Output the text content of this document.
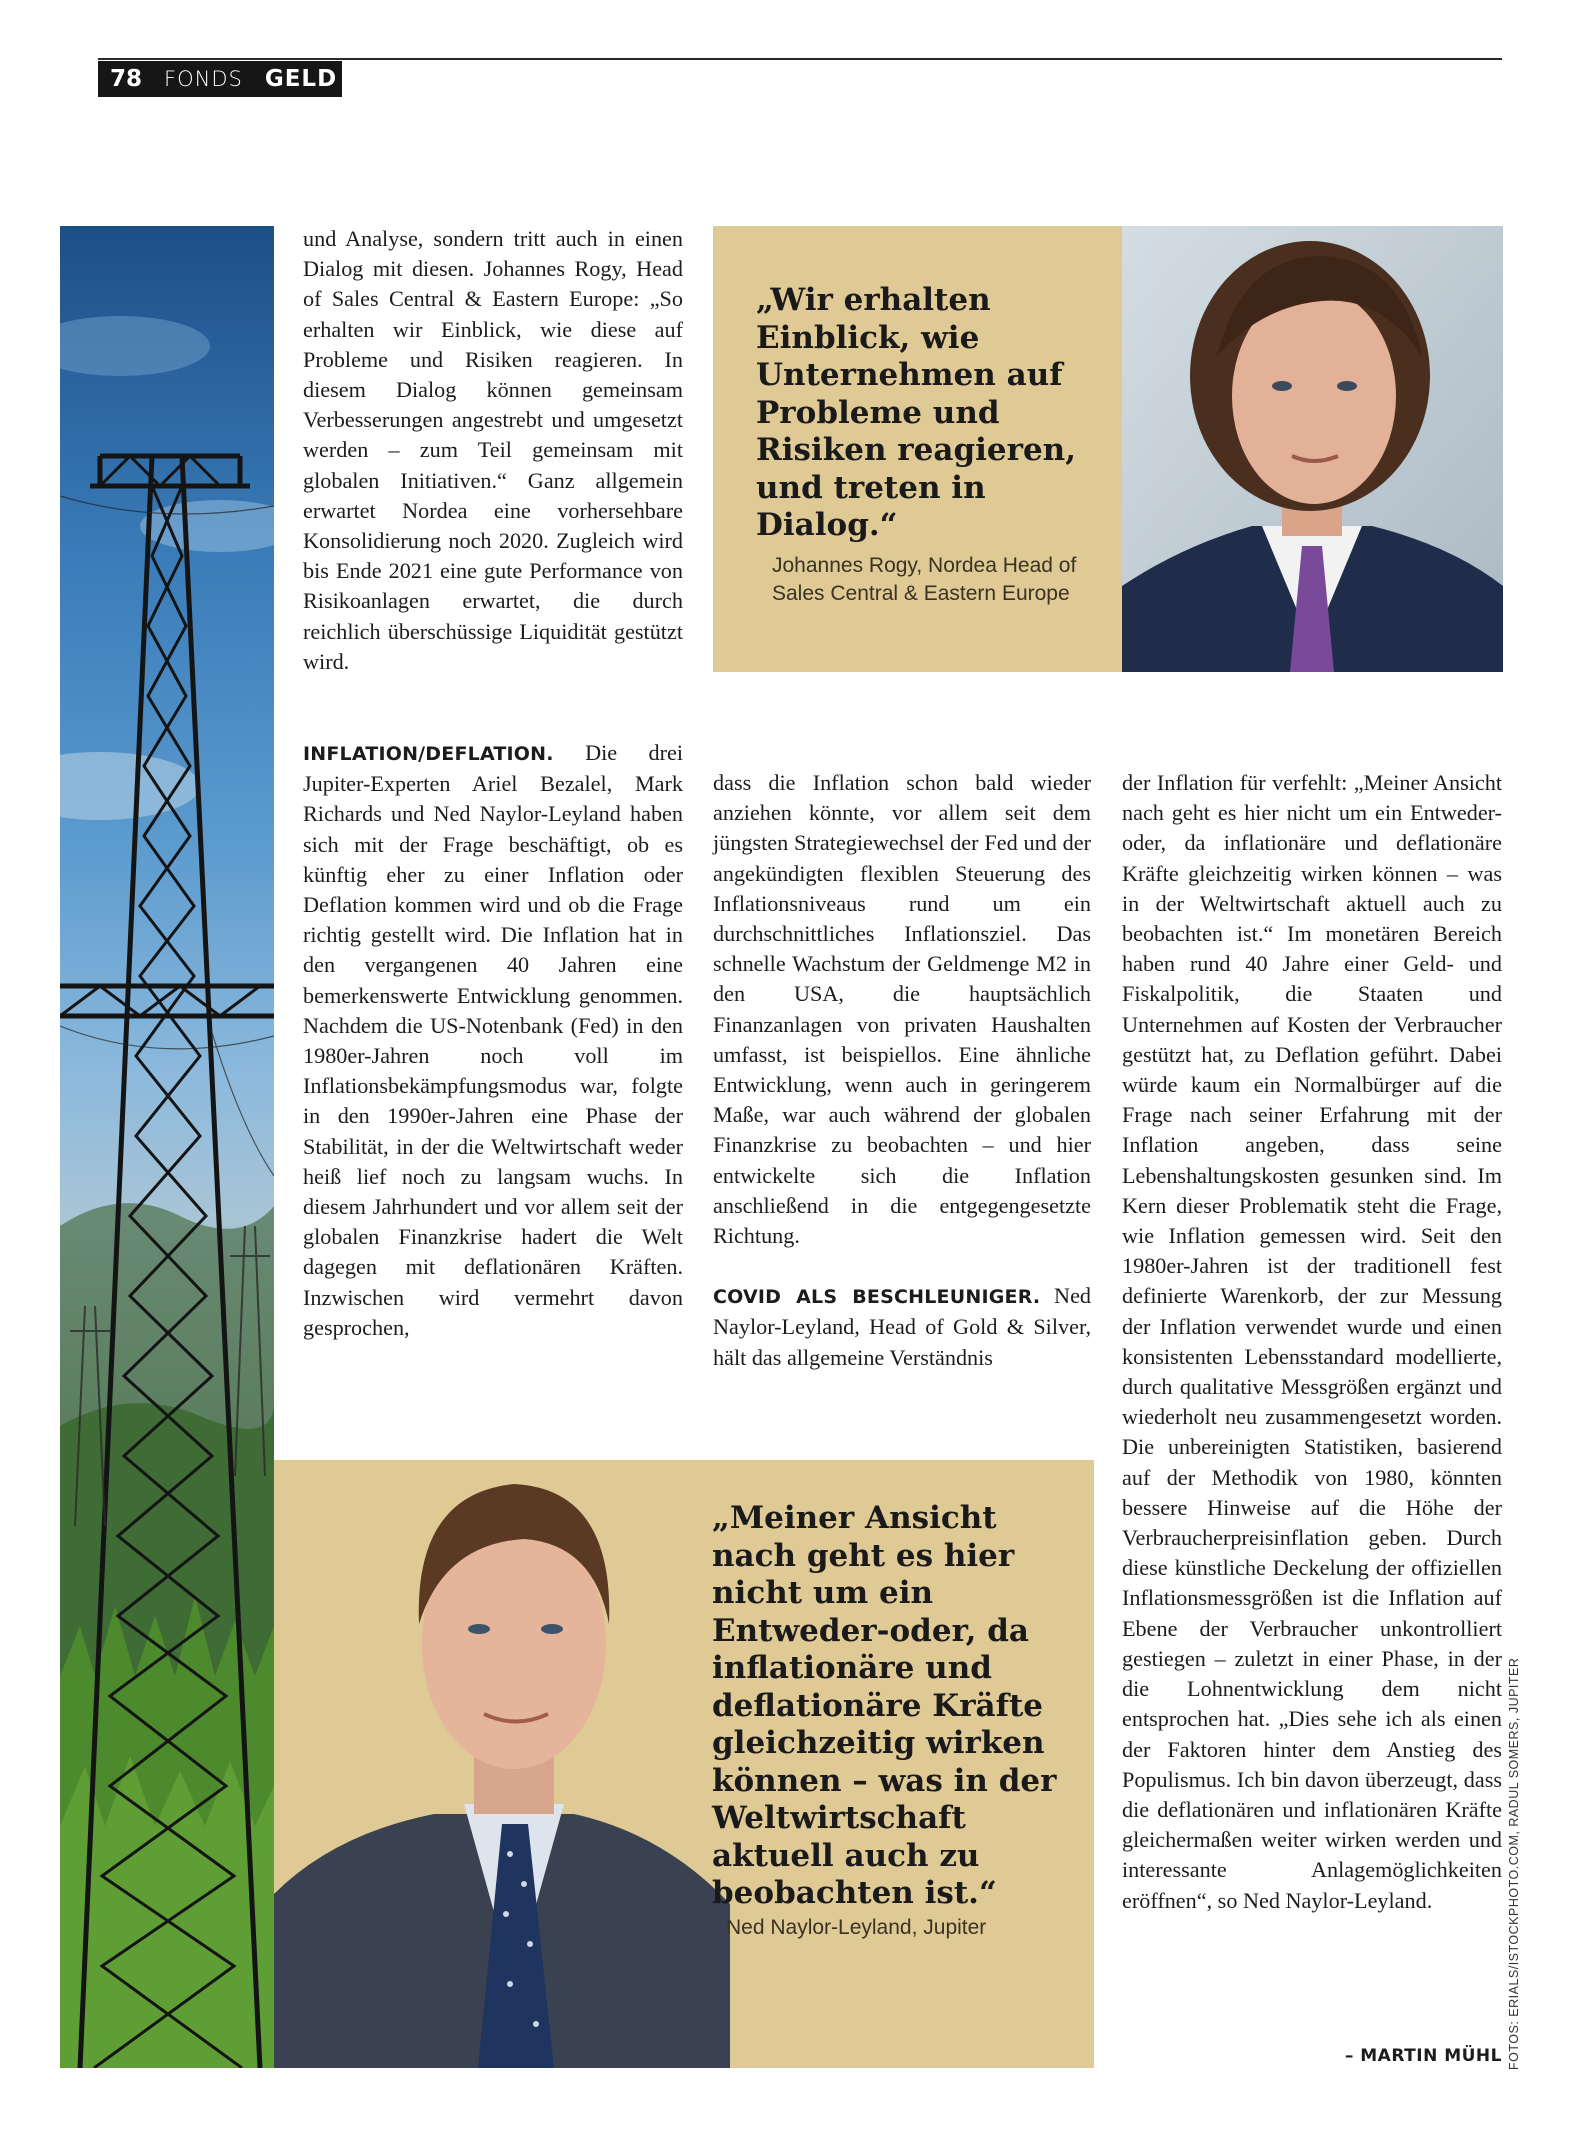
78 FONDS GELD

und Analyse, sondern tritt auch in einen Dialog mit diesen. Johannes Rogy, Head of Sales Central & Eastern Europe: „So erhalten wir Einblick, wie diese auf Probleme und Risiken reagieren. In diesem Dialog können gemeinsam Verbesserungen angestrebt und umgesetzt werden – zum Teil gemeinsam mit globalen Initiativen.“ Ganz allgemein erwartet Nordea eine vorhersehbare Konsolidierung noch 2020. Zugleich wird bis Ende 2021 eine gute Performance von Risikoanlagen erwartet, die durch reichlich überschüssige Liquidität gestützt wird.

INFLATION/DEFLATION. Die drei Jupiter-Experten Ariel Bezalel, Mark Richards und Ned Naylor-Leyland haben sich mit der Frage beschäftigt, ob es künftig eher zu einer Inflation oder Deflation kommen wird und ob die Frage richtig gestellt wird. Die Inflation hat in den vergangenen 40 Jahren eine bemerkenswerte Entwicklung genommen. Nachdem die US-Notenbank (Fed) in den 1980er-Jahren noch voll im Inflationsbekämpfungsmodus war, folgte in den 1990er-Jahren eine Phase der Stabilität, in der die Weltwirtschaft weder heiß lief noch zu langsam wuchs. In diesem Jahrhundert und vor allem seit der globalen Finanzkrise hadert die Welt dagegen mit deflationären Kräften. Inzwischen wird vermehrt davon gesprochen,

dass die Inflation schon bald wieder anziehen könnte, vor allem seit dem jüngsten Strategiewechsel der Fed und der angekündigten flexiblen Steuerung des Inflationsniveaus rund um ein durchschnittliches Inflationsziel. Das schnelle Wachstum der Geldmenge M2 in den USA, die hauptsächlich Finanzanlagen von privaten Haushalten umfasst, ist beispiellos. Eine ähnliche Entwicklung, wenn auch in geringerem Maße, war auch während der globalen Finanzkrise zu beobachten – und hier entwickelte sich die Inflation anschließend in die entgegengesetzte Richtung.

COVID ALS BESCHLEUNIGER. Ned Naylor-Leyland, Head of Gold & Silver, hält das allgemeine Verständnis

der Inflation für verfehlt: „Meiner Ansicht nach geht es hier nicht um ein Entweder-oder, da inflationäre und deflationäre Kräfte gleichzeitig wirken können – was in der Weltwirtschaft aktuell auch zu beobachten ist.“ Im monetären Bereich haben rund 40 Jahre einer Geld- und Fiskalpolitik, die Staaten und Unternehmen auf Kosten der Verbraucher gestützt hat, zu Deflation geführt. Dabei würde kaum ein Normalbürger auf die Frage nach seiner Erfahrung mit der Inflation angeben, dass seine Lebenshaltungskosten gesunken sind. Im Kern dieser Problematik steht die Frage, wie Inflation gemessen wird. Seit den 1980er-Jahren ist der traditionell fest definierte Warenkorb, der zur Messung der Inflation verwendet wurde und einen konsistenten Lebensstandard modellierte, durch qualitative Messgrößen ergänzt und wiederholt neu zusammengesetzt worden. Die unbereinigten Statistiken, basierend auf der Methodik von 1980, könnten bessere Hinweise auf die Höhe der Verbraucherpreisinflation geben. Durch diese künstliche Deckelung der offiziellen Inflationsmessgrößen ist die Inflation auf Ebene der Verbraucher unkontrolliert gestiegen – zuletzt in einer Phase, in der die Lohnentwicklung dem nicht entsprochen hat. „Dies sehe ich als einen der Faktoren hinter dem Anstieg des Populismus. Ich bin davon überzeugt, dass die deflationären und inflationären Kräfte gleichermaßen weiter wirken werden und interessante Anlagemöglichkeiten eröffnen“, so Ned Naylor-Leyland.

– MARTIN MÜHL
„Wir erhalten Einblick, wie Unternehmen auf Probleme und Risiken reagieren, und treten in Dialog.“
Johannes Rogy, Nordea Head of Sales Central & Eastern Europe
„Meiner Ansicht nach geht es hier nicht um ein Entweder-oder, da inflationäre und deflationäre Kräfte gleichzeitig wirken können – was in der Weltwirtschaft aktuell auch zu beobachten ist.“
Ned Naylor-Leyland, Jupiter	FOTOS: ERIALS/ISTOCKPHOTO.COM, RADUL SOMERS, JUPITER
